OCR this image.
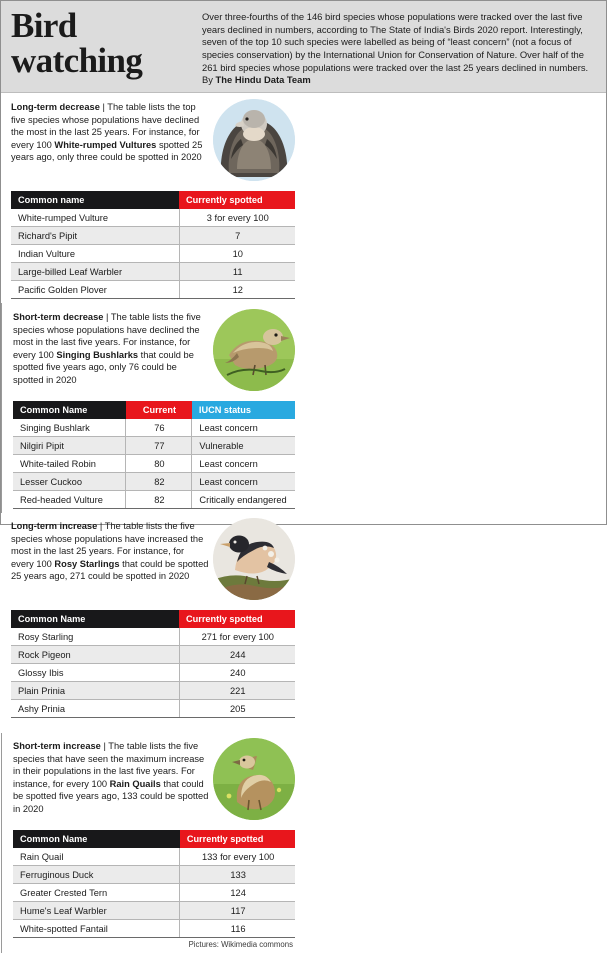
Bird
watching
Over three-fourths of the 146 bird species whose populations were tracked over the last five years declined in numbers, according to The State of India's Birds 2020 report. Interestingly, seven of the top 10 such species were labelled as being of “least concern” (not a focus of species conservation) by the International Union for Conservation of Nature. Over half of the 261 bird species whose populations were tracked over the last 25 years declined in numbers. By The Hindu Data Team
Long-term decrease | The table lists the top five species whose populations have declined the most in the last 25 years. For instance, for every 100 White-rumped Vultures spotted 25 years ago, only three could be spotted in 2020
Common name	Currently spotted
White-rumped Vulture	3 for every 100
Richard's Pipit	7
Indian Vulture	10
Large-billed Leaf Warbler	11
Pacific Golden Plover	12
Short-term decrease | The table lists the five species whose populations have declined the most in the last five years. For instance, for every 100 Singing Bushlarks that could be spotted five years ago, only 76 could be spotted in 2020
Common Name	Current	IUCN status
Singing Bushlark	76	Least concern
Nilgiri Pipit	77	Vulnerable
White-tailed Robin	80	Least concern
Lesser Cuckoo	82	Least concern
Red-headed Vulture	82	Critically endangered
Long-term increase | The table lists the five species whose populations have increased the most in the last 25 years. For instance, for every 100 Rosy Starlings that could be spotted 25 years ago, 271 could be spotted in 2020
Common Name	Currently spotted
Rosy Starling	271 for every 100
Rock Pigeon	244
Glossy Ibis	240
Plain Prinia	221
Ashy Prinia	205
Short-term increase | The table lists the five species that have seen the maximum increase in their populations in the last five years. For instance, for every 100 Rain Quails that could be spotted five years ago, 133 could be spotted in 2020
Common Name	Currently spotted
Rain Quail	133 for every 100
Ferruginous Duck	133
Greater Crested Tern	124
Hume's Leaf Warbler	117
White-spotted Fantail	116
Pictures: Wikimedia commons
